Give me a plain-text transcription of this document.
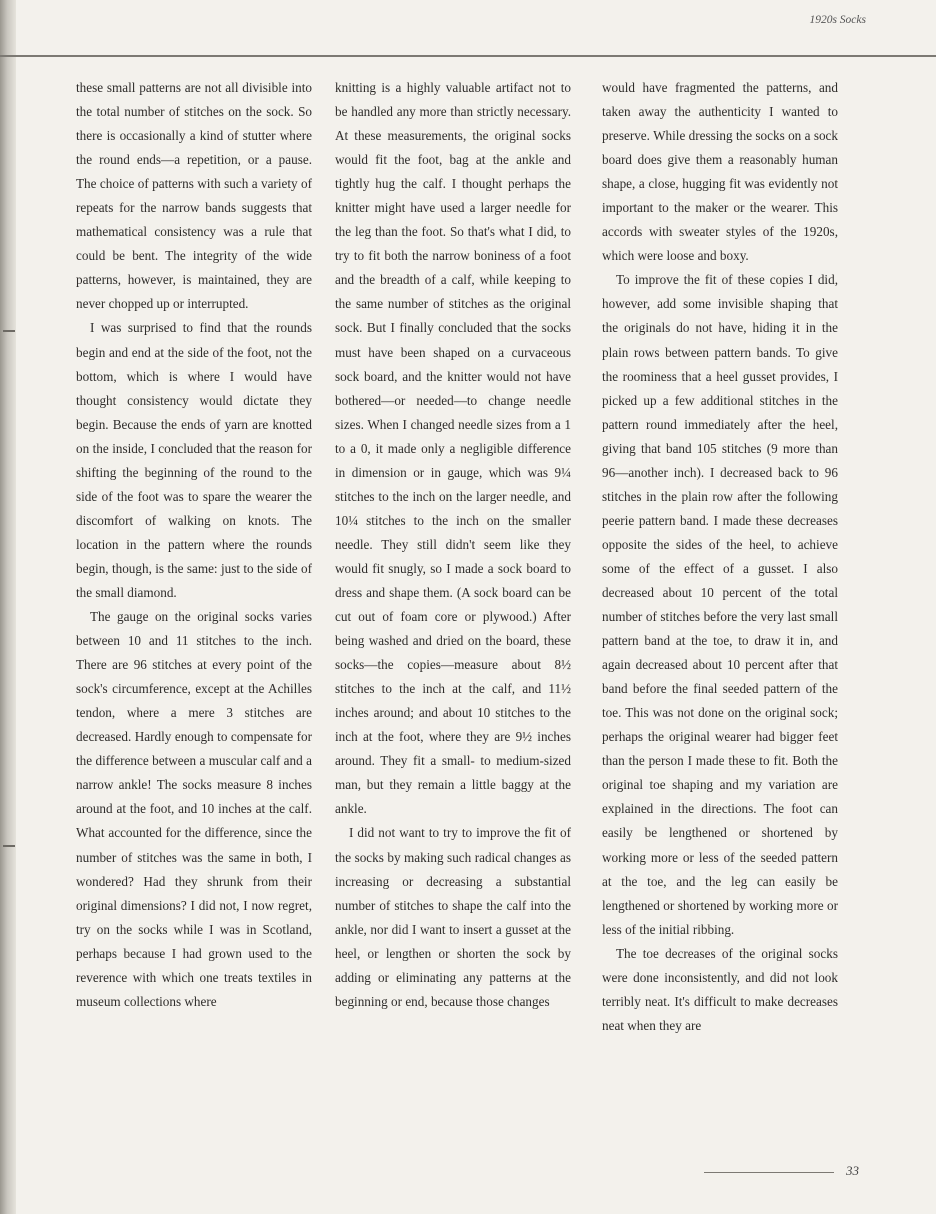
1920s Socks

these small patterns are not all divisible into the total number of stitches on the sock. So there is occasionally a kind of stutter where the round ends—a repetition, or a pause. The choice of patterns with such a variety of repeats for the narrow bands suggests that mathematical consistency was a rule that could be bent. The integrity of the wide patterns, however, is maintained, they are never chopped up or interrupted.

I was surprised to find that the rounds begin and end at the side of the foot, not the bottom, which is where I would have thought consistency would dictate they begin. Because the ends of yarn are knotted on the inside, I concluded that the reason for shifting the beginning of the round to the side of the foot was to spare the wearer the discomfort of walking on knots. The location in the pattern where the rounds begin, though, is the same: just to the side of the small diamond.

The gauge on the original socks varies between 10 and 11 stitches to the inch. There are 96 stitches at every point of the sock's circumference, except at the Achilles tendon, where a mere 3 stitches are decreased. Hardly enough to compensate for the difference between a muscular calf and a narrow ankle! The socks measure 8 inches around at the foot, and 10 inches at the calf. What accounted for the difference, since the number of stitches was the same in both, I wondered? Had they shrunk from their original dimensions? I did not, I now regret, try on the socks while I was in Scotland, perhaps because I had grown used to the reverence with which one treats textiles in museum collections where

knitting is a highly valuable artifact not to be handled any more than strictly necessary. At these measurements, the original socks would fit the foot, bag at the ankle and tightly hug the calf. I thought perhaps the knitter might have used a larger needle for the leg than the foot. So that's what I did, to try to fit both the narrow boniness of a foot and the breadth of a calf, while keeping to the same number of stitches as the original sock. But I finally concluded that the socks must have been shaped on a curvaceous sock board, and the knitter would not have bothered—or needed—to change needle sizes. When I changed needle sizes from a 1 to a 0, it made only a negligible difference in dimension or in gauge, which was 9¼ stitches to the inch on the larger needle, and 10¼ stitches to the inch on the smaller needle. They still didn't seem like they would fit snugly, so I made a sock board to dress and shape them. (A sock board can be cut out of foam core or plywood.) After being washed and dried on the board, these socks—the copies—measure about 8½ stitches to the inch at the calf, and 11½ inches around; and about 10 stitches to the inch at the foot, where they are 9½ inches around. They fit a small- to medium-sized man, but they remain a little baggy at the ankle.

I did not want to try to improve the fit of the socks by making such radical changes as increasing or decreasing a substantial number of stitches to shape the calf into the ankle, nor did I want to insert a gusset at the heel, or lengthen or shorten the sock by adding or eliminating any patterns at the beginning or end, because those changes

would have fragmented the patterns, and taken away the authenticity I wanted to preserve. While dressing the socks on a sock board does give them a reasonably human shape, a close, hugging fit was evidently not important to the maker or the wearer. This accords with sweater styles of the 1920s, which were loose and boxy.

To improve the fit of these copies I did, however, add some invisible shaping that the originals do not have, hiding it in the plain rows between pattern bands. To give the roominess that a heel gusset provides, I picked up a few additional stitches in the pattern round immediately after the heel, giving that band 105 stitches (9 more than 96—another inch). I decreased back to 96 stitches in the plain row after the following peerie pattern band. I made these decreases opposite the sides of the heel, to achieve some of the effect of a gusset. I also decreased about 10 percent of the total number of stitches before the very last small pattern band at the toe, to draw it in, and again decreased about 10 percent after that band before the final seeded pattern of the toe. This was not done on the original sock; perhaps the original wearer had bigger feet than the person I made these to fit. Both the original toe shaping and my variation are explained in the directions. The foot can easily be lengthened or shortened by working more or less of the seeded pattern at the toe, and the leg can easily be lengthened or shortened by working more or less of the initial ribbing.

The toe decreases of the original socks were done inconsistently, and did not look terribly neat. It's difficult to make decreases neat when they are

33
